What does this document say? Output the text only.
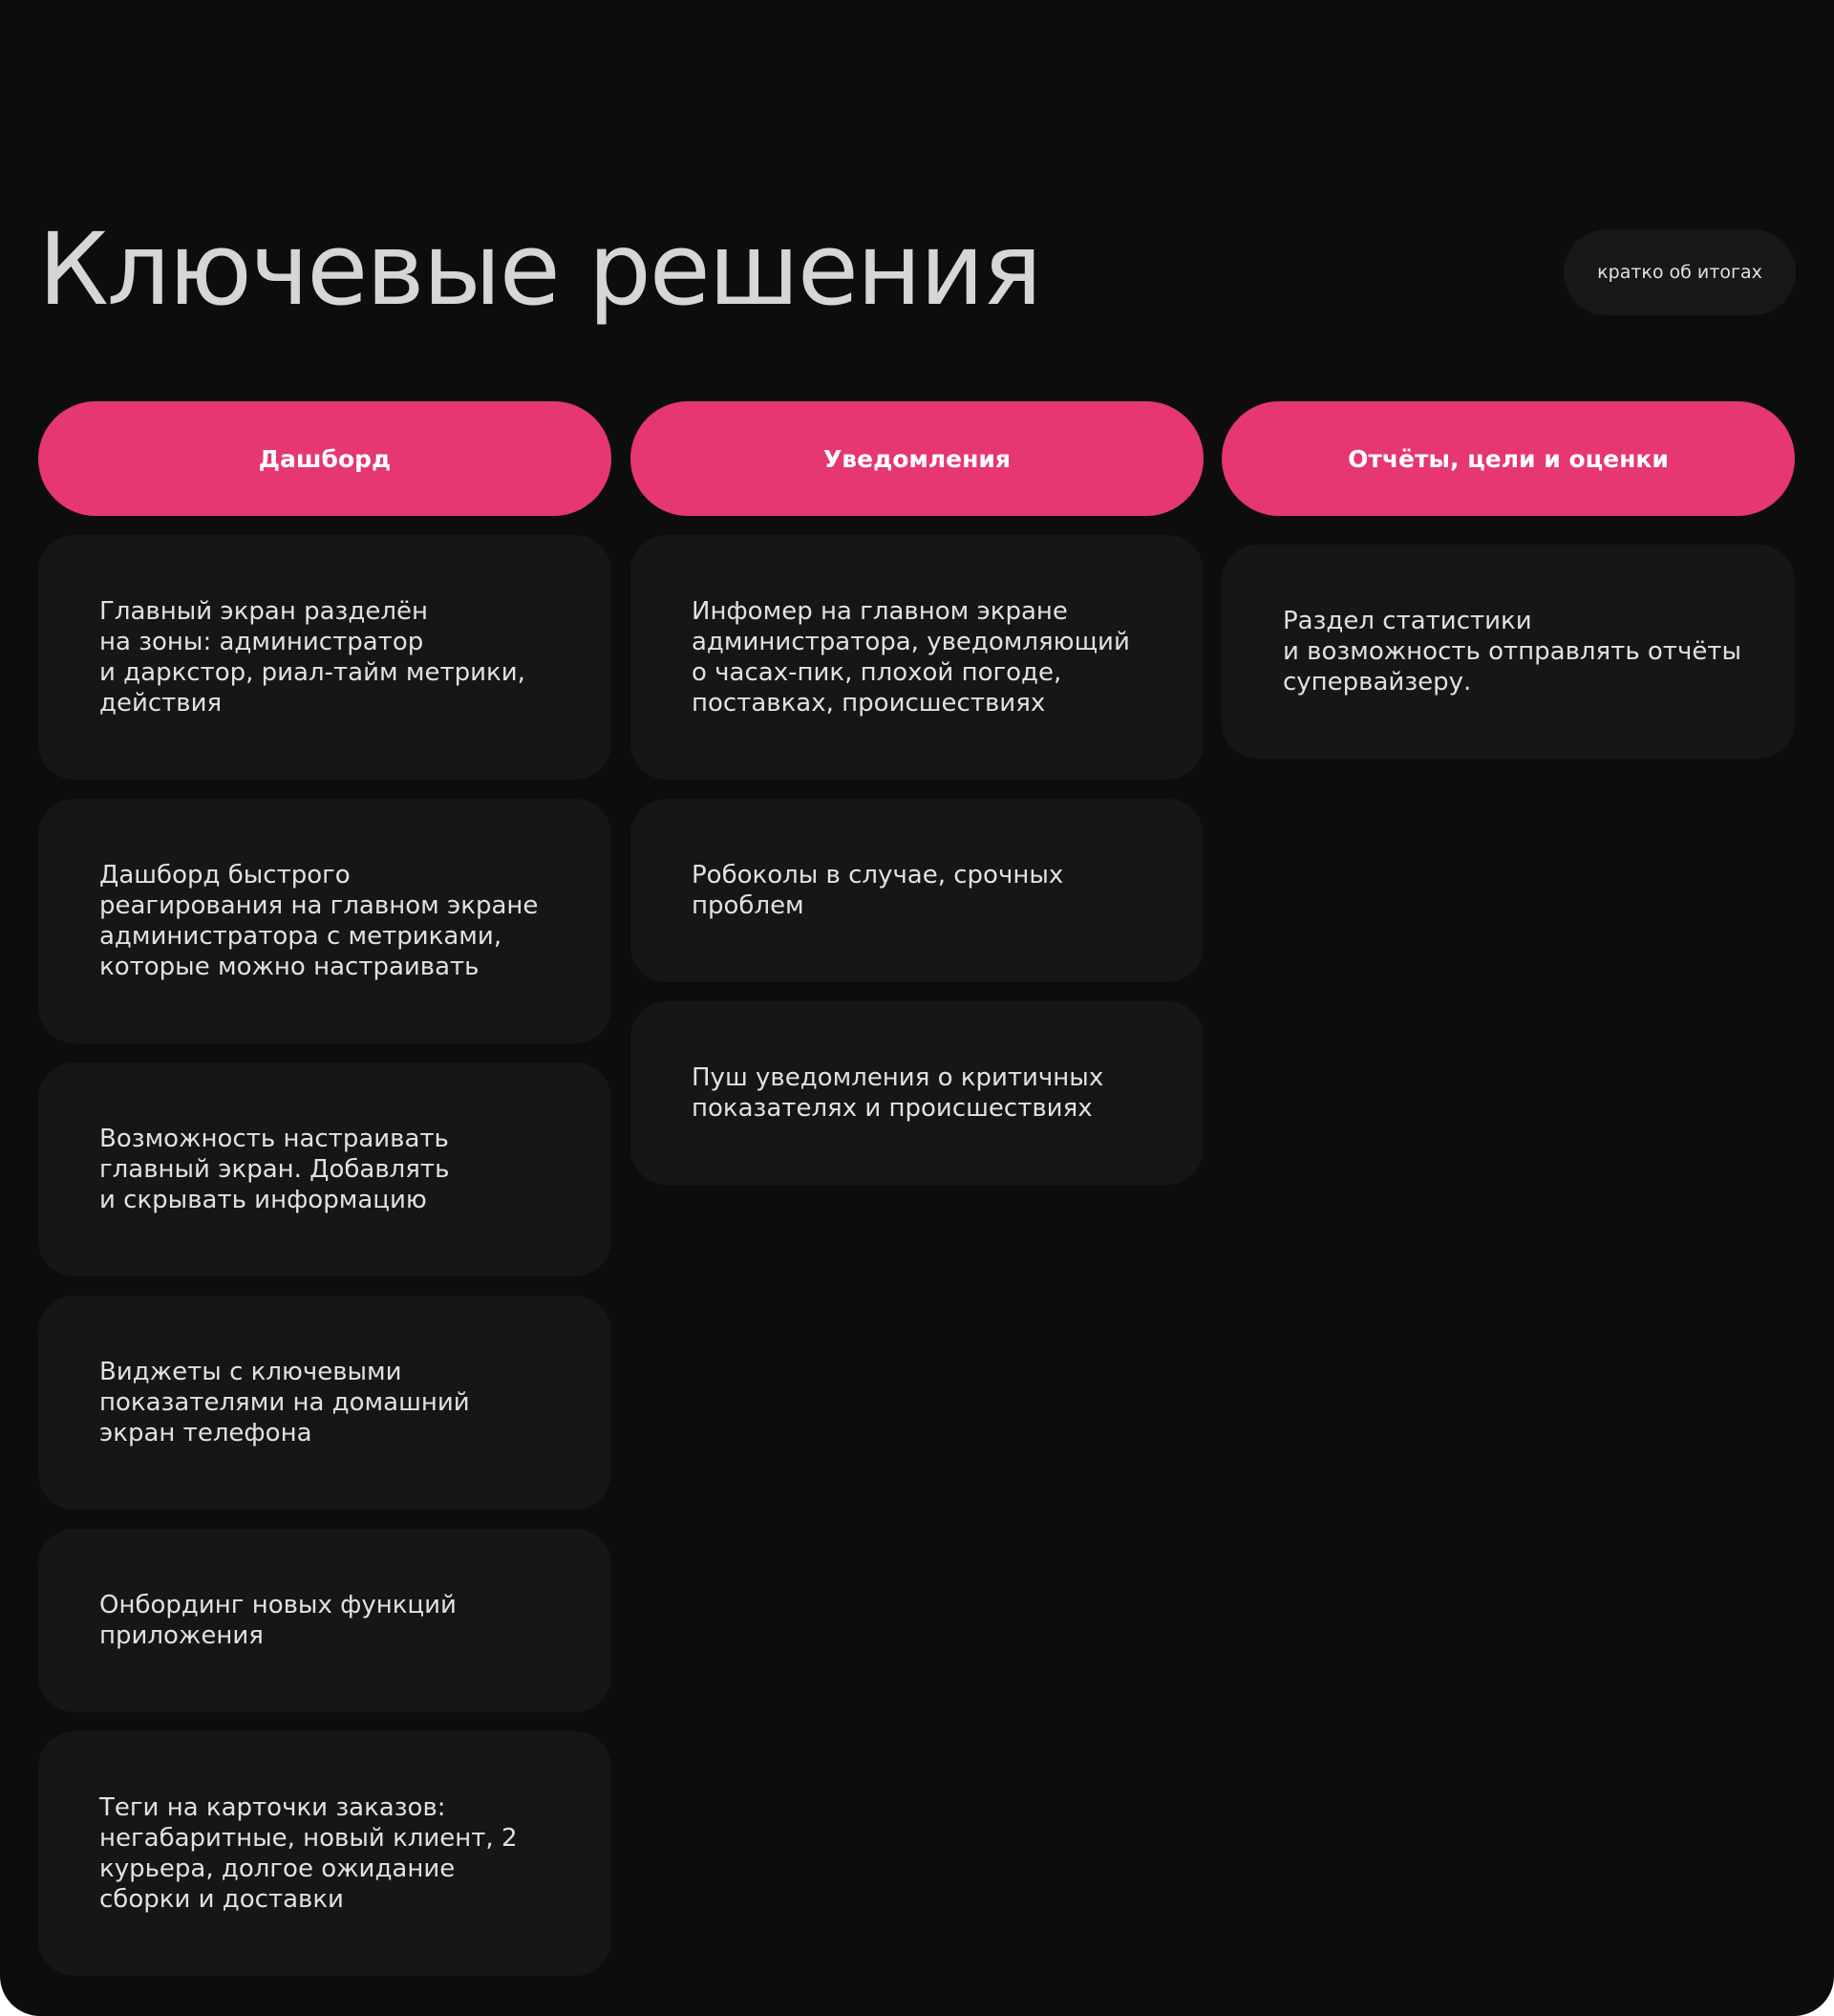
Ключевые решения	кратко об итогах
Дашборд

Главный экран разделён
на зоны: администратор
и даркстор, риал-тайм метрики,
действия

Дашборд быстрого
реагирования на главном экране
администратора с метриками,
которые можно настраивать

Возможность настраивать
главный экран. Добавлять
и скрывать информацию

Виджеты с ключевыми
показателями на домашний
экран телефона

Онбординг новых функций
приложения

Теги на карточки заказов:
негабаритные, новый клиент, 2
курьера, долгое ожидание
сборки и доставки

Уведомления

Инфомер на главном экране
администратора, уведомляющий
о часах-пик, плохой погоде,
поставках, происшествиях

Робоколы в случае, срочных
проблем

Пуш уведомления о критичных
показателях и происшествиях

Отчёты, цели и оценки

Раздел статистики
и возможность отправлять отчёты
супервайзеру.
